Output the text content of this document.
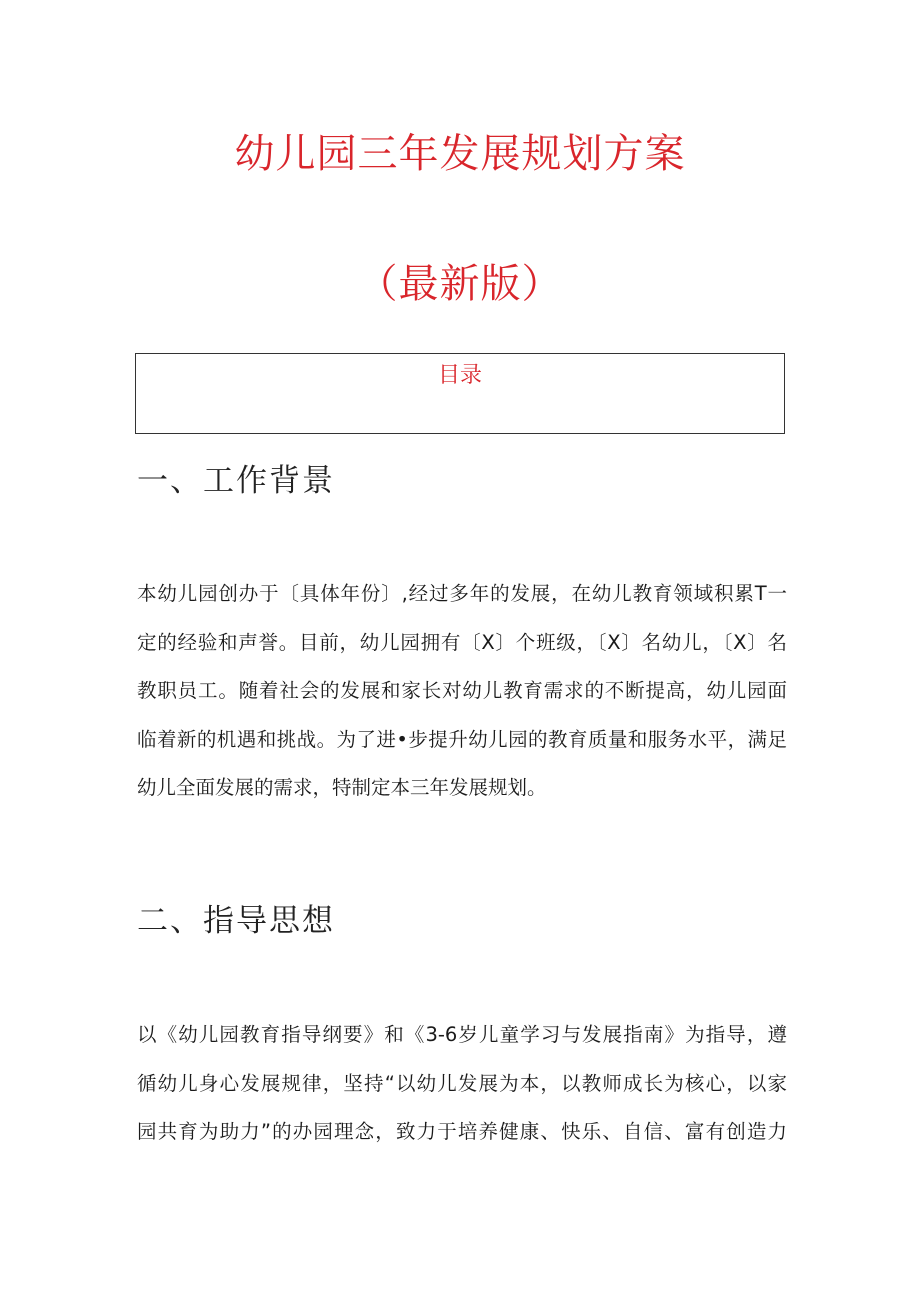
幼儿园三年发展规划方案
（最新版）
目录
一、工作背景

本幼儿园创办于〔具体年份〕,经过多年的发展，在幼儿教育领域积累T一
定的经验和声誉。目前，幼儿园拥有〔X〕个班级，〔X〕名幼儿，〔X〕名
教职员工。随着社会的发展和家长对幼儿教育需求的不断提高，幼儿园面
临着新的机遇和挑战。为了进•步提升幼儿园的教育质量和服务水平，满足
幼儿全面发展的需求，特制定本三年发展规划。

二、指导思想

以《幼儿园教育指导纲要》和《3-6岁儿童学习与发展指南》为指导，遵
循幼儿身心发展规律，坚持“以幼儿发展为本，以教师成长为核心，以家
园共育为助力”的办园理念，致力于培养健康、快乐、自信、富有创造力
